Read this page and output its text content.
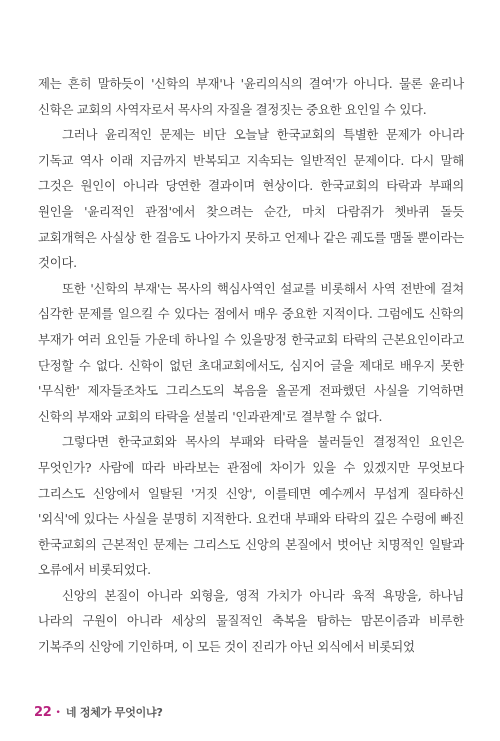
제는 흔히 말하듯이 '신학의 부재'나 '윤리의식의 결여'가 아니다. 물론 윤리나 신학은 교회의 사역자로서 목사의 자질을 결정짓는 중요한 요인일 수 있다.

그러나 윤리적인 문제는 비단 오늘날 한국교회의 특별한 문제가 아니라 기독교 역사 이래 지금까지 반복되고 지속되는 일반적인 문제이다. 다시 말해 그것은 원인이 아니라 당연한 결과이며 현상이다. 한국교회의 타락과 부패의 원인을 '윤리적인 관점'에서 찾으려는 순간, 마치 다람쥐가 쳇바퀴 돌듯 교회개혁은 사실상 한 걸음도 나아가지 못하고 언제나 같은 궤도를 맴돌 뿐이라는 것이다.

또한 '신학의 부재'는 목사의 핵심사역인 설교를 비롯해서 사역 전반에 걸쳐 심각한 문제를 일으킬 수 있다는 점에서 매우 중요한 지적이다. 그럼에도 신학의 부재가 여러 요인들 가운데 하나일 수 있을망정 한국교회 타락의 근본요인이라고 단정할 수 없다. 신학이 없던 초대교회에서도, 심지어 글을 제대로 배우지 못한 '무식한' 제자들조차도 그리스도의 복음을 올곧게 전파했던 사실을 기억하면 신학의 부재와 교회의 타락을 섣불리 '인과관계'로 결부할 수 없다.

그렇다면 한국교회와 목사의 부패와 타락을 불러들인 결정적인 요인은 무엇인가? 사람에 따라 바라보는 관점에 차이가 있을 수 있겠지만 무엇보다 그리스도 신앙에서 일탈된 '거짓 신앙', 이를테면 예수께서 무섭게 질타하신 '외식'에 있다는 사실을 분명히 지적한다. 요컨대 부패와 타락의 깊은 수렁에 빠진 한국교회의 근본적인 문제는 그리스도 신앙의 본질에서 벗어난 치명적인 일탈과 오류에서 비롯되었다.

신앙의 본질이 아니라 외형을, 영적 가치가 아니라 육적 욕망을, 하나님 나라의 구원이 아니라 세상의 물질적인 축복을 탐하는 맘몬이즘과 비루한 기복주의 신앙에 기인하며, 이 모든 것이 진리가 아닌 외식에서 비롯되었

22 • 네 정체가 무엇이냐?
